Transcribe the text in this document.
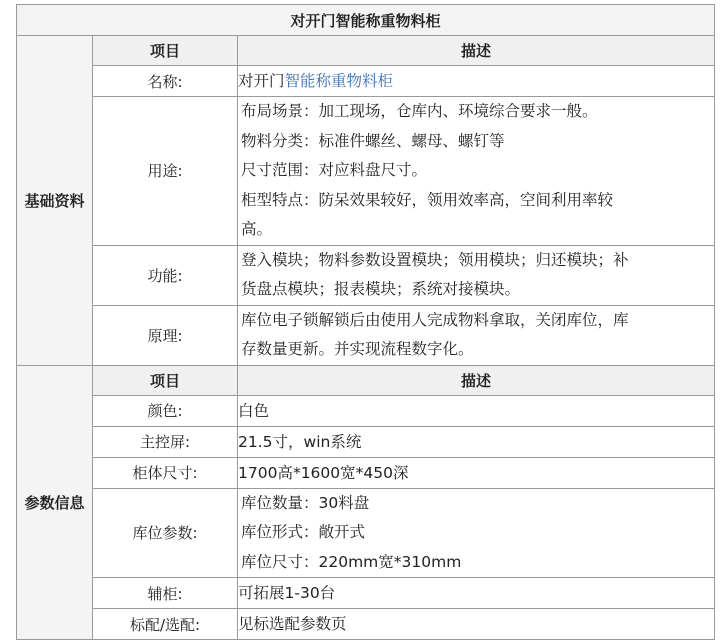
对开门智能称重物料柜		
基础资料	项目	描述
	名称:	对开门智能称重物料柜
	用途:	布局场景：加工现场，仓库内、环境综合要求一般。
物料分类：标准件螺丝、螺母、螺钉等
尺寸范围：对应料盘尺寸。
柜型特点：防呆效果较好，领用效率高，空间利用率较
高。

	功能:	登入模块；物料参数设置模块；领用模块；归还模块；补
货盘点模块；报表模块；系统对接模块。

	原理:	库位电子锁解锁后由使用人完成物料拿取，关闭库位，库
存数量更新。并实现流程数字化。

参数信息	项目	描述
	颜色:	白色
	主控屏:	21.5寸，win系统
	柜体尺寸:	1700高*1600宽*450深
	库位参数:	库位数量：30料盘
库位形式：敞开式
库位尺寸：220mm宽*310mm

	辅柜:	可拓展1-30台
	标配/选配:	见标选配参数页
